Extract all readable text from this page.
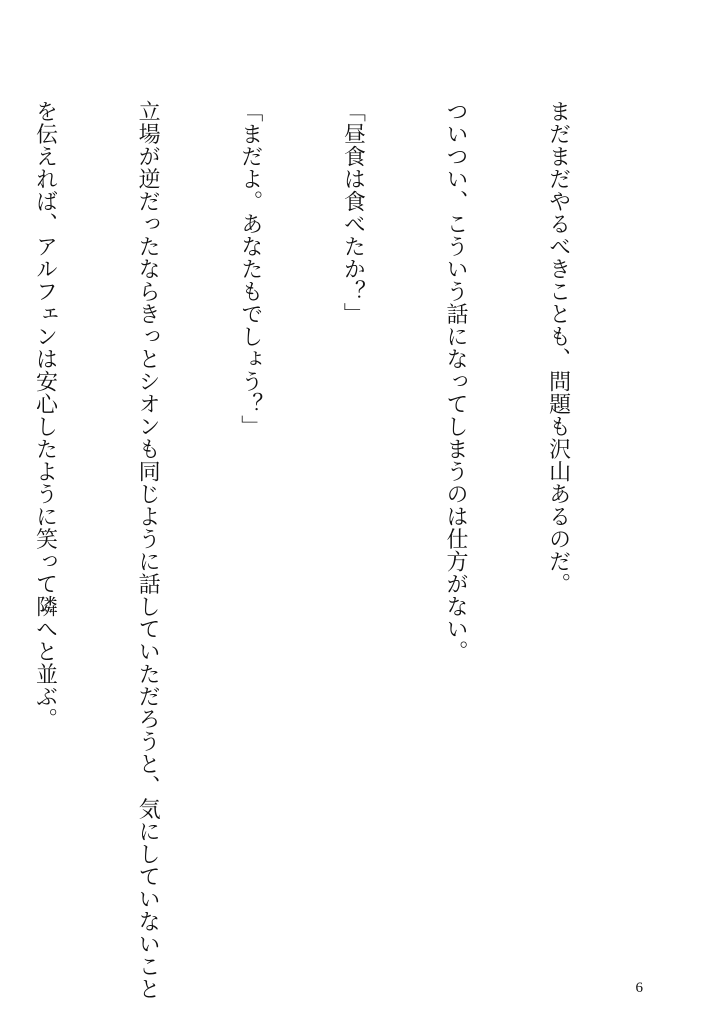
まだまだやるべきことも、問題も沢山あるのだ。

ついつい、こういう話になってしまうのは仕方がない。

「昼食は食べたか？」

「まだよ。あなたもでしょう？」

立場が逆だったならきっとシオンも同じように話していただろうと、気にしていないこと

を伝えれば、アルフェンは安心したように笑って隣へと並ぶ。

6
